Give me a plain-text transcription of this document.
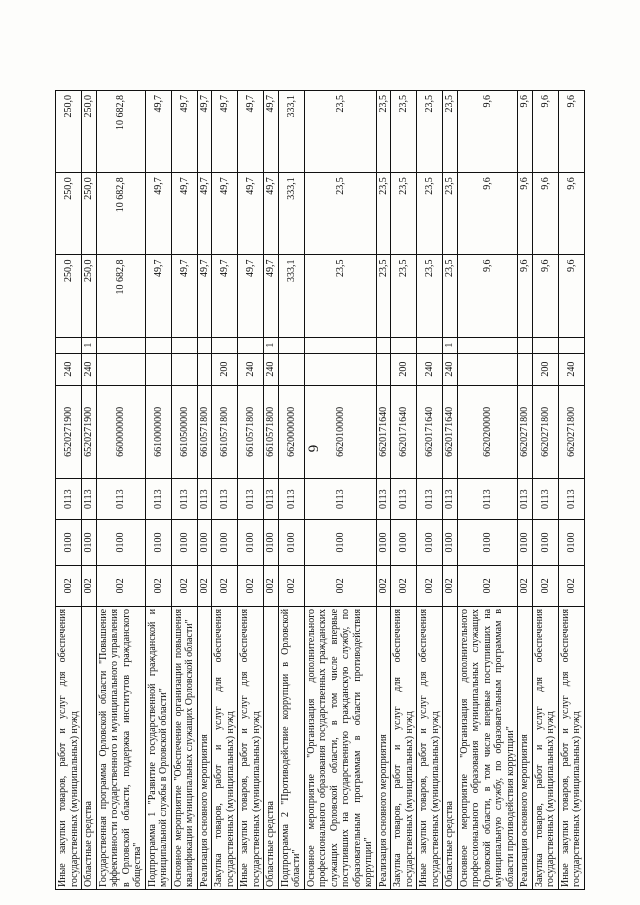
6
Иные закупки товаров, работ и услуг для обеспечения государственных (муниципальных) нужд	002	0100	0113	6520271900	240		250,0	250,0	250,0
Областные средства	002	0100	0113	6520271900	240	1	250,0	250,0	250,0
Государственная программа Орловской области "Повышение эффективности государственного и муниципального управления в Орловской области, поддержка институтов гражданского общества"	002	0100	0113	6600000000			10 682,8	10 682,8	10 682,8
Подпрограмма 1 "Развитие государственной гражданской и муниципальной службы в Орловской области"	002	0100	0113	6610000000			49,7	49,7	49,7
Основное мероприятие "Обеспечение организации повышения квалификации муниципальных служащих Орловской области"	002	0100	0113	6610500000			49,7	49,7	49,7
Реализация основного мероприятия	002	0100	0113	6610571800			49,7	49,7	49,7
Закупка товаров, работ и услуг для обеспечения государственных (муниципальных) нужд	002	0100	0113	6610571800	200		49,7	49,7	49,7
Иные закупки товаров, работ и услуг для обеспечения государственных (муниципальных) нужд	002	0100	0113	6610571800	240		49,7	49,7	49,7
Областные средства	002	0100	0113	6610571800	240	1	49,7	49,7	49,7
Подпрограмма 2 "Противодействие коррупции в Орловской области"	002	0100	0113	6620000000			333,1	333,1	333,1
Основное мероприятие "Организация дополнительного профессионального образования государственных гражданских служащих Орловской области, в том числе впервые поступивших на государственную гражданскую службу, по образовательным программам в области противодействия коррупции"	002	0100	0113	6620100000			23,5	23,5	23,5
Реализация основного мероприятия	002	0100	0113	6620171640			23,5	23,5	23,5
Закупка товаров, работ и услуг для обеспечения государственных (муниципальных) нужд	002	0100	0113	6620171640	200		23,5	23,5	23,5
Иные закупки товаров, работ и услуг для обеспечения государственных (муниципальных) нужд	002	0100	0113	6620171640	240		23,5	23,5	23,5
Областные средства	002	0100	0113	6620171640	240	1	23,5	23,5	23,5
Основное мероприятие "Организация дополнительного профессионального образования муниципальных служащих Орловской области, в том числе впервые поступивших на муниципальную службу, по образовательным программам в области противодействия коррупции"	002	0100	0113	6620200000			9,6	9,6	9,6
Реализация основного мероприятия	002	0100	0113	6620271800			9,6	9,6	9,6
Закупка товаров, работ и услуг для обеспечения государственных (муниципальных) нужд	002	0100	0113	6620271800	200		9,6	9,6	9,6
Иные закупки товаров, работ и услуг для обеспечения государственных (муниципальных) нужд	002	0100	0113	6620271800	240		9,6	9,6	9,6
